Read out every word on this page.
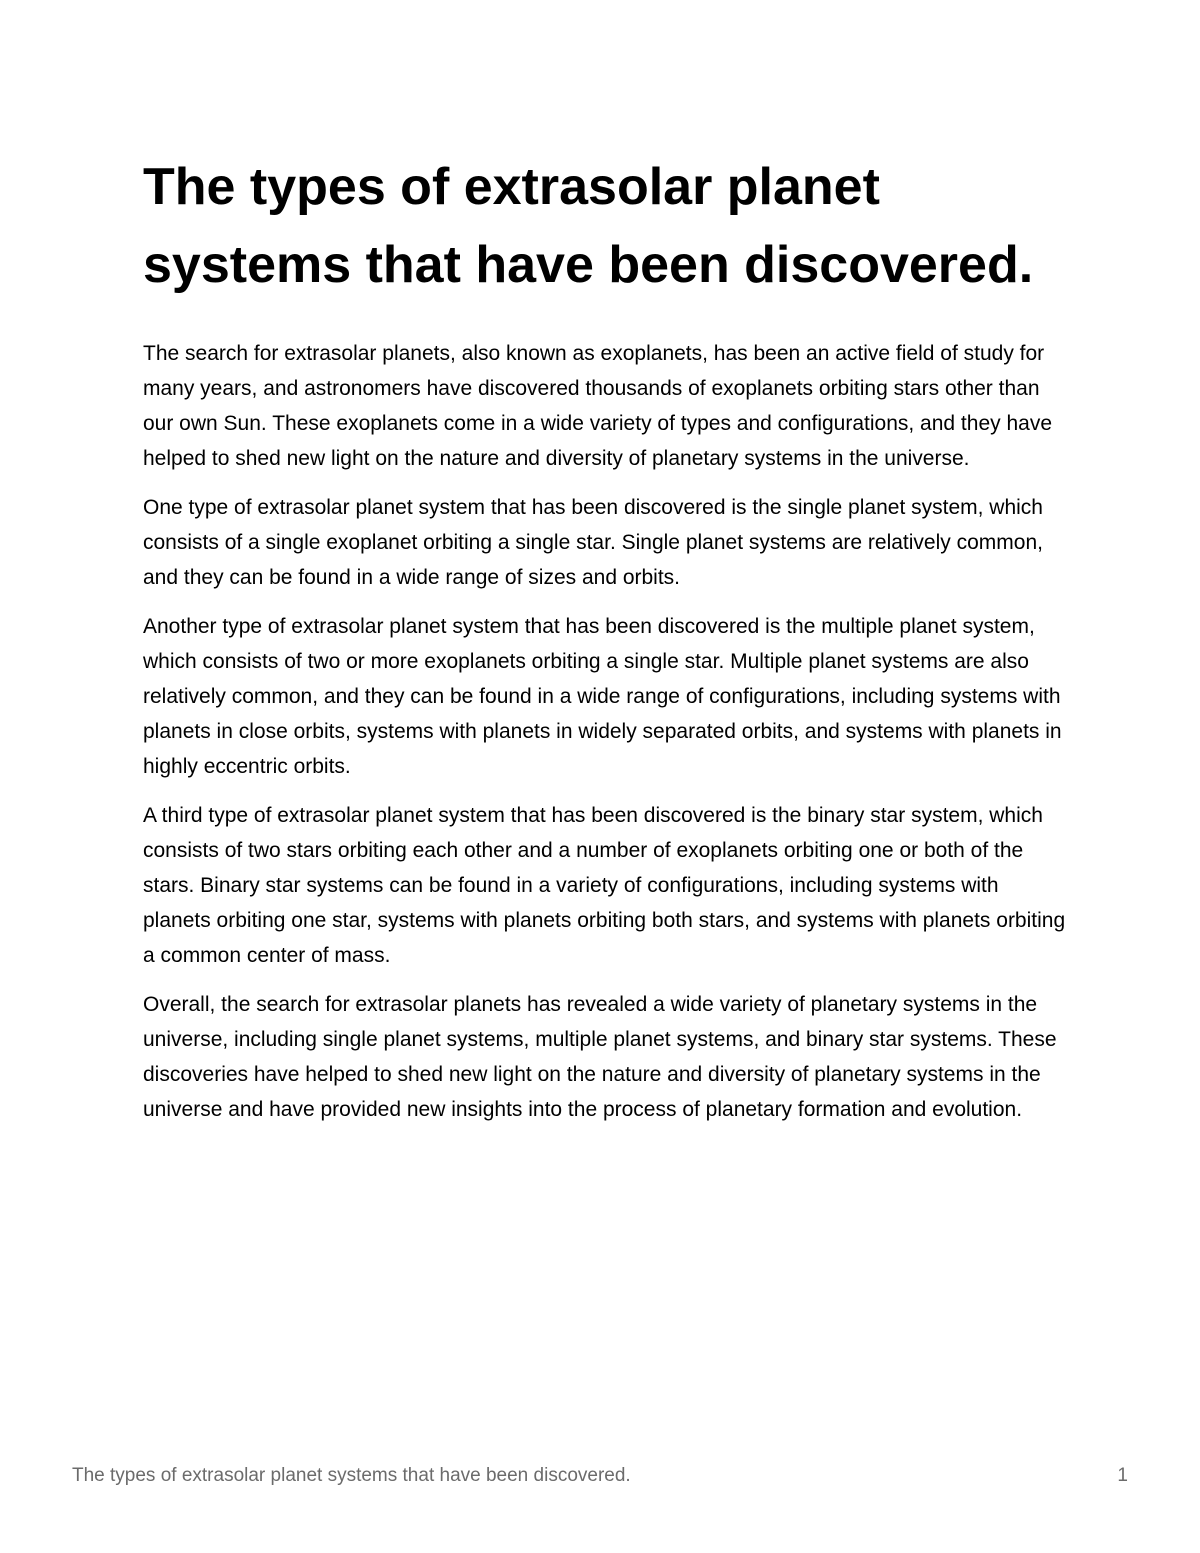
The types of extrasolar planet systems that have been discovered.

The search for extrasolar planets, also known as exoplanets, has been an active field of study for many years, and astronomers have discovered thousands of exoplanets orbiting stars other than our own Sun. These exoplanets come in a wide variety of types and configurations, and they have helped to shed new light on the nature and diversity of planetary systems in the universe.

One type of extrasolar planet system that has been discovered is the single planet system, which consists of a single exoplanet orbiting a single star. Single planet systems are relatively common, and they can be found in a wide range of sizes and orbits.

Another type of extrasolar planet system that has been discovered is the multiple planet system, which consists of two or more exoplanets orbiting a single star. Multiple planet systems are also relatively common, and they can be found in a wide range of configurations, including systems with planets in close orbits, systems with planets in widely separated orbits, and systems with planets in highly eccentric orbits.

A third type of extrasolar planet system that has been discovered is the binary star system, which consists of two stars orbiting each other and a number of exoplanets orbiting one or both of the stars. Binary star systems can be found in a variety of configurations, including systems with planets orbiting one star, systems with planets orbiting both stars, and systems with planets orbiting a common center of mass.

Overall, the search for extrasolar planets has revealed a wide variety of planetary systems in the universe, including single planet systems, multiple planet systems, and binary star systems. These discoveries have helped to shed new light on the nature and diversity of planetary systems in the universe and have provided new insights into the process of planetary formation and evolution.

The types of extrasolar planet systems that have been discovered.	1
